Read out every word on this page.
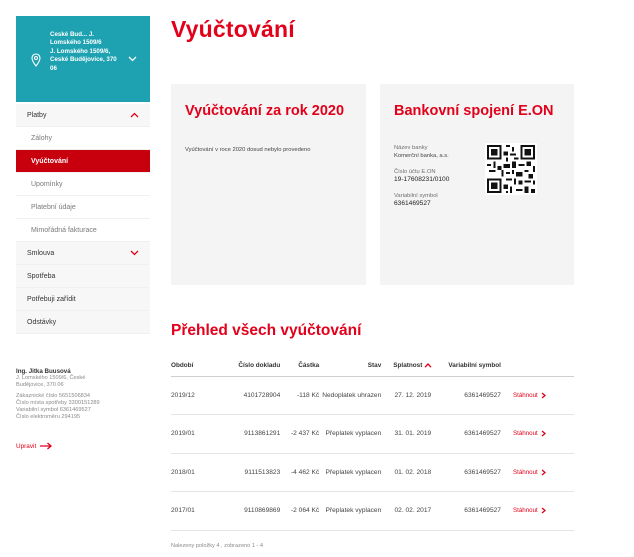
České Bud... J.
Lomského 1509/6
J. Lomského 1509/6,
České Budějovice, 370
06
Platby
Zálohy
Vyúčtování
Upomínky
Platební údaje
Mimořádná fakturace
Smlouva
Spotřeba
Potřebuji zařídit
Odstávky
Ing. Jitka Buusová
J. Lomského 1509/6, České
Budějovice, 370 06
Zákaznické číslo 5651506834
Číslo místa spotřeby 3300151289
Variabilní symbol 6361469527
Číslo elektroměru 294195
Upravit
Vyúčtování
Vyúčtování za rok 2020
Vyúčtování v roce 2020 dosud nebylo provedeno
Bankovní spojení E.ON
Název banky
Komerční banka, a.s.
Číslo účtu E.ON
19-17608231/0100
Variabilní symbol
6361469527
Přehled všech vyúčtování
Období	Číslo dokladu	Částka	Stav	Splatnost	Variabilní symbol	
2019/12	4101728904	-118 Kč	Nedoplatek uhrazen	27. 12. 2019	6361469527	Stáhnout

2019/01	9113861291	-2 437 Kč	Přeplatek vyplacen	31. 01. 2019	6361469527	Stáhnout

2018/01	9111513823	-4 462 Kč	Přeplatek vyplacen	01. 02. 2018	6361469527	Stáhnout

2017/01	9110869869	-2 064 Kč	Přeplatek vyplacen	02. 02. 2017	6361469527	Stáhnout
Nalezeny položky 4 , zobrazeno 1 - 4
